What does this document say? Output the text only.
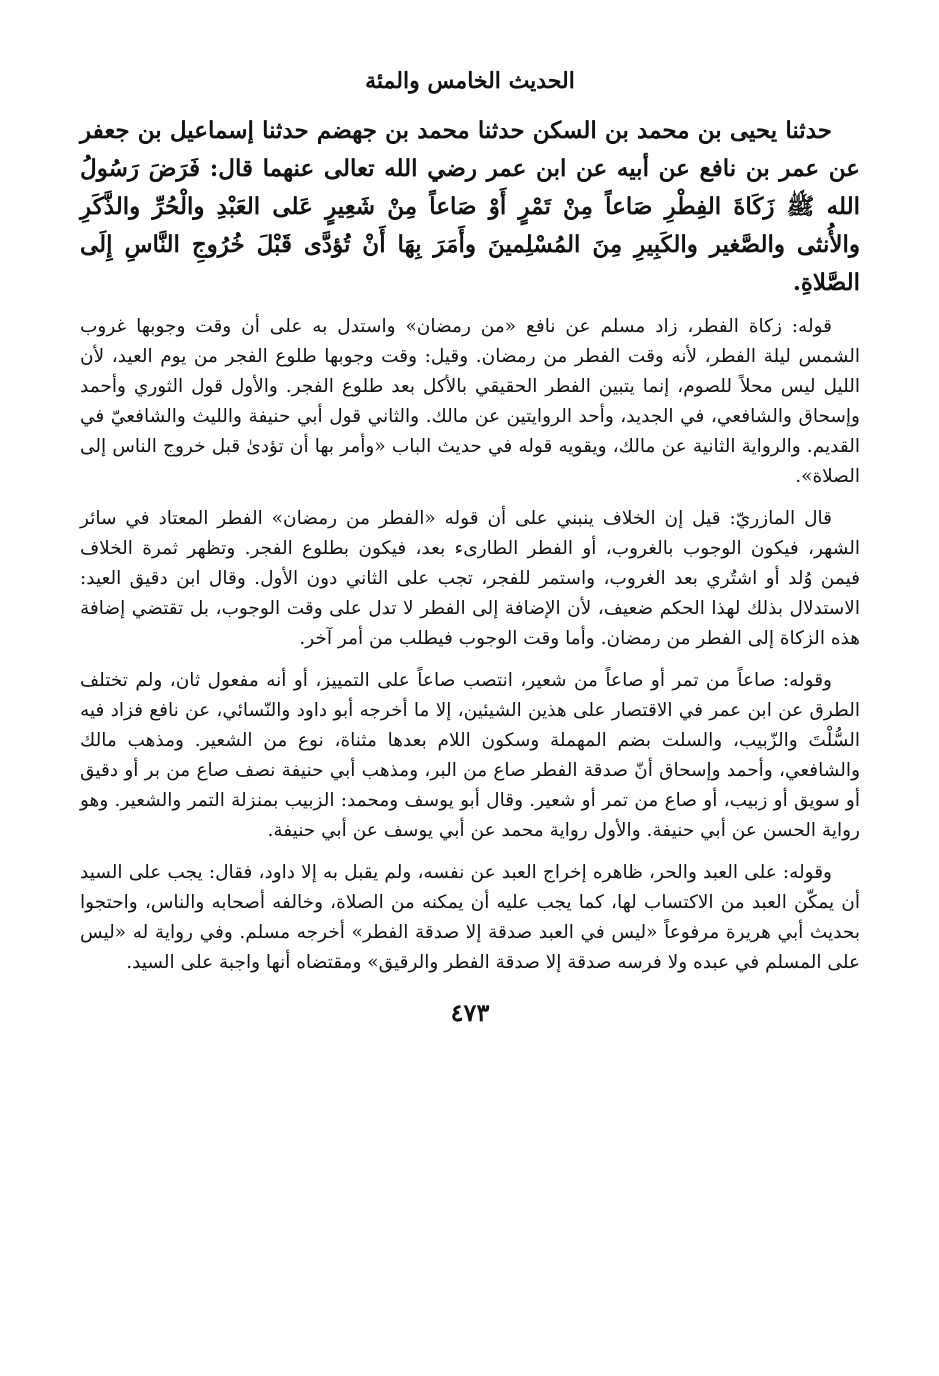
الحديث الخامس والمئة

حدثنا يحيى بن محمد بن السكن حدثنا محمد بن جهضم حدثنا إسماعيل بن جعفر عن عمر بن نافع عن أبيه عن ابن عمر رضي الله تعالى عنهما قال: فَرَضَ رَسُولُ الله ﷺ زَكَاةَ الفِطْرِ صَاعاً مِنْ تَمْرٍ أَوْ صَاعاً مِنْ شَعِيرٍ عَلى العَبْدِ والْحُرِّ والذَّكَرِ والأُنثى والصَّغير والكَبِيرِ مِنَ المُسْلِمينَ وأَمَرَ بِهَا أَنْ تُؤدَّى قَبْلَ خُرُوجِ النَّاسِ إِلَى الصَّلاةِ.

قوله: زكاة الفطر، زاد مسلم عن نافع «من رمضان» واستدل به على أن وقت وجوبها غروب الشمس ليلة الفطر، لأنه وقت الفطر من رمضان. وقيل: وقت وجوبها طلوع الفجر من يوم العيد، لأن الليل ليس محلاً للصوم، إنما يتبين الفطر الحقيقي بالأكل بعد طلوع الفجر. والأول قول الثوري وأحمد وإسحاق والشافعي، في الجديد، وأحد الروايتين عن مالك. والثاني قول أبي حنيفة والليث والشافعيّ في القديم. والرواية الثانية عن مالك، ويقويه قوله في حديث الباب «وأمر بها أن تؤدىٰ قبل خروج الناس إلى الصلاة».

قال المازريّ: قيل إن الخلاف ينبني على أن قوله «الفطر من رمضان» الفطر المعتاد في سائر الشهر، فيكون الوجوب بالغروب، أو الفطر الطارىء بعد، فيكون بطلوع الفجر. وتظهر ثمرة الخلاف فيمن وُلد أو اشتُري بعد الغروب، واستمر للفجر، تجب على الثاني دون الأول. وقال ابن دقيق العيد: الاستدلال بذلك لهذا الحكم ضعيف، لأن الإضافة إلى الفطر لا تدل على وقت الوجوب، بل تقتضي إضافة هذه الزكاة إلى الفطر من رمضان. وأما وقت الوجوب فيطلب من أمر آخر.

وقوله: صاعاً من تمر أو صاعاً من شعير، انتصب صاعاً على التمييز، أو أنه مفعول ثان، ولم تختلف الطرق عن ابن عمر في الاقتصار على هذين الشيئين، إلا ما أخرجه أبو داود والنّسائي، عن نافع فزاد فيه السُّلْتَ والزّبيب، والسلت بضم المهملة وسكون اللام بعدها مثناة، نوع من الشعير. ومذهب مالك والشافعي، وأحمد وإسحاق أنّ صدقة الفطر صاع من البر، ومذهب أبي حنيفة نصف صاع من بر أو دقيق أو سويق أو زبيب، أو صاع من تمر أو شعير. وقال أبو يوسف ومحمد: الزبيب بمنزلة التمر والشعير. وهو رواية الحسن عن أبي حنيفة. والأول رواية محمد عن أبي يوسف عن أبي حنيفة.

وقوله: على العبد والحر، ظاهره إخراج العبد عن نفسه، ولم يقبل به إلا داود، فقال: يجب على السيد أن يمكّن العبد من الاكتساب لها، كما يجب عليه أن يمكنه من الصلاة، وخالفه أصحابه والناس، واحتجوا بحديث أبي هريرة مرفوعاً «ليس في العبد صدقة إلا صدقة الفطر» أخرجه مسلم. وفي رواية له «ليس على المسلم في عبده ولا فرسه صدقة إلا صدقة الفطر والرقيق» ومقتضاه أنها واجبة على السيد.

٤٧٣
